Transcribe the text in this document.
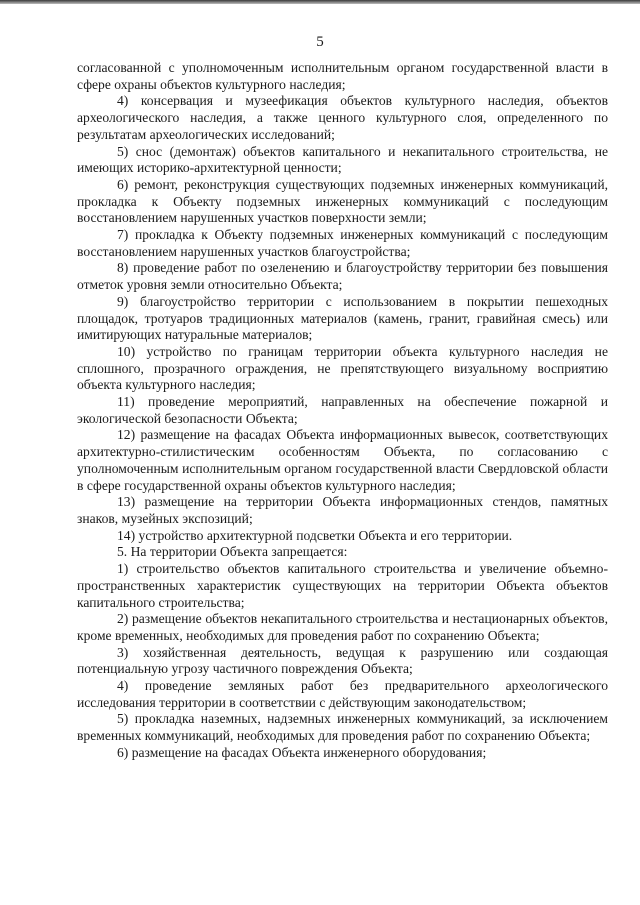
5

согласованной с уполномоченным исполнительным органом государственной власти в сфере охраны объектов культурного наследия;

4) консервация и музеефикация объектов культурного наследия, объектов археологического наследия, а также ценного культурного слоя, определенного по результатам археологических исследований;

5) снос (демонтаж) объектов капитального и некапитального строительства, не имеющих историко-архитектурной ценности;

6) ремонт, реконструкция существующих подземных инженерных коммуникаций, прокладка к Объекту подземных инженерных коммуникаций с последующим восстановлением нарушенных участков поверхности земли;

7) прокладка к Объекту подземных инженерных коммуникаций с последующим восстановлением нарушенных участков благоустройства;

8) проведение работ по озеленению и благоустройству территории без повышения отметок уровня земли относительно Объекта;

9) благоустройство территории с использованием в покрытии пешеходных площадок, тротуаров традиционных материалов (камень, гранит, гравийная смесь) или имитирующих натуральные материалов;

10) устройство по границам территории объекта культурного наследия не сплошного, прозрачного ограждения, не препятствующего визуальному восприятию объекта культурного наследия;

11) проведение мероприятий, направленных на обеспечение пожарной и экологической безопасности Объекта;

12) размещение на фасадах Объекта информационных вывесок, соответствующих архитектурно-стилистическим особенностям Объекта, по согласованию с уполномоченным исполнительным органом государственной власти Свердловской области в сфере государственной охраны объектов культурного наследия;

13) размещение на территории Объекта информационных стендов, памятных знаков, музейных экспозиций;

14) устройство архитектурной подсветки Объекта и его территории.

5. На территории Объекта запрещается:

1) строительство объектов капитального строительства и увеличение объемно-пространственных характеристик существующих на территории Объекта объектов капитального строительства;

2) размещение объектов некапитального строительства и нестационарных объектов, кроме временных, необходимых для проведения работ по сохранению Объекта;

3) хозяйственная деятельность, ведущая к разрушению или создающая потенциальную угрозу частичного повреждения Объекта;

4) проведение земляных работ без предварительного археологического исследования территории в соответствии с действующим законодательством;

5) прокладка наземных, надземных инженерных коммуникаций, за исключением временных коммуникаций, необходимых для проведения работ по сохранению Объекта;

6) размещение на фасадах Объекта инженерного оборудования;
